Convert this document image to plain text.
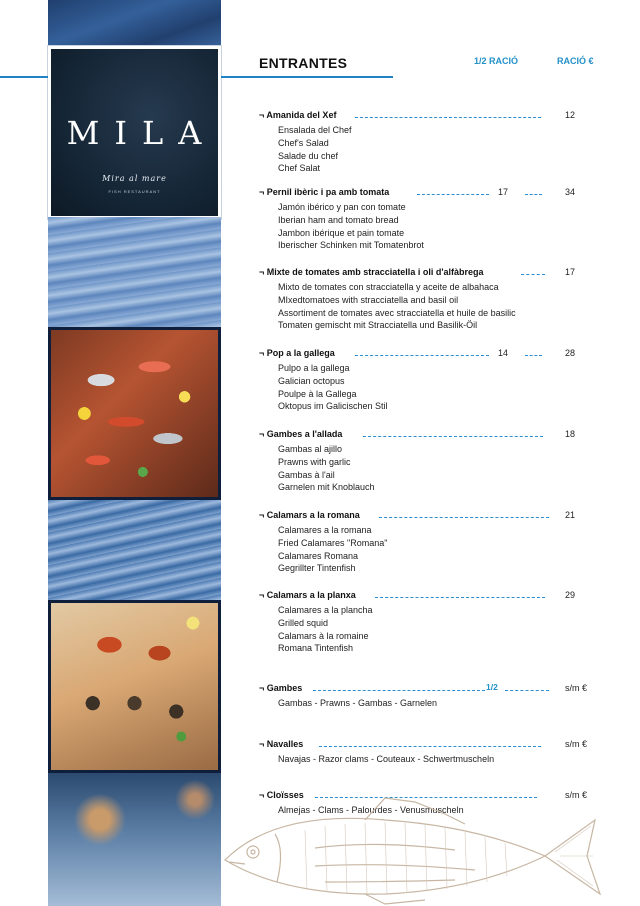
MILA
Mira al mare
FISH RESTAURANT
ENTRANTES	1/2 RACIÓ	RACIÓ €
¬ Amanida del Xef	12
Ensalada del Chef
Chef's Salad
Salade du chef
Chef Salat
¬ Pernil ibèric i pa amb tomata	17	34
Jamón ibérico y pan con tomate
Iberian ham and tomato bread
Jambon ibérique et pain tomate
Iberischer Schinken mit Tomatenbrot
¬ Mixte de tomates amb stracciatella i oli d'alfàbrega	17
Mixto de tomates con stracciatella y aceite de albahaca
MIxedtomatoes with stracciatella and basil oil
Assortiment de tomates avec stracciatella et huile de basilic
Tomaten gemischt mit Stracciatella und Basilik-Öil
¬ Pop a la gallega	14	28
Pulpo a la gallega
Galician octopus
Poulpe à la Gallega
Oktopus im Galicischen Stil
¬ Gambes a l'allada	18
Gambas al ajillo
Prawns with garlic
Gambas à l'ail
Garnelen mit Knoblauch
¬ Calamars a la romana	21
Calamares a la romana
Fried Calamares "Romana"
Calamares Romana
Gegrillter Tintenfish
¬ Calamars a la planxa	29
Calamares a la plancha
Grilled squid
Calamars à la romaine
Romana Tintenfish
¬ Gambes	1/2	s/m €
Gambas - Prawns - Gambas - Garnelen
¬ Navalles	s/m €
Navajas - Razor clams - Couteaux - Schwertmuscheln
¬ Cloïsses	s/m €
Almejas - Clams - Palourdes - Venusmuscheln
